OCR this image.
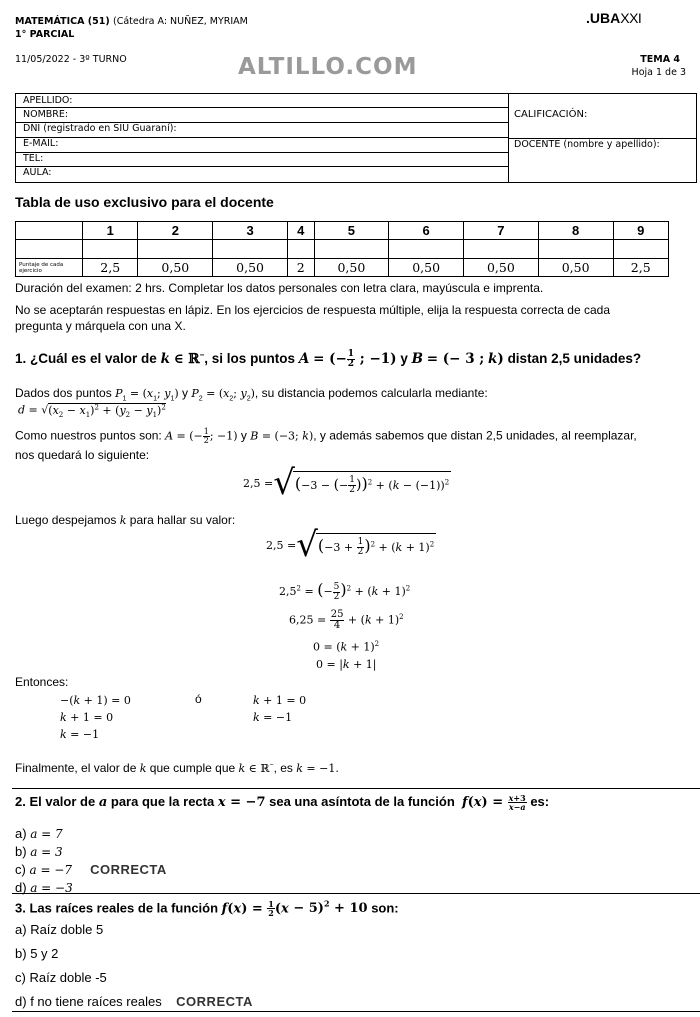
MATEMÁTICA (51) (Cátedra A: NUÑEZ, MYRIAM
1° PARCIAL
11/05/2022 - 3º TURNO	ALTILLO.COM
.UBAXXI
TEMA 4
Hoja 1 de 3
APELLIDO:
NOMBRE:
DNI (registrado en SIU Guaraní):
E-MAIL:
TEL:
AULA:
CALIFICACIÓN:
DOCENTE (nombre y apellido):
Tabla de uso exclusivo para el docente
	1	2	3	4	5	6	7	8	9

Puntaje de cada ejercicio	2,5	0,50	0,50	2	0,50	0,50	0,50	0,50	2,5
Duración del examen: 2 hrs. Completar los datos personales con letra clara, mayúscula e imprenta.
No se aceptarán respuestas en lápiz. En los ejercicios de respuesta múltiple, elija la respuesta correcta de cada pregunta y márquela con una X.
1. ¿Cuál es el valor de k ∈ ℝ−, si los puntos A = (− $\frac{1}{2}$ ; −1) y B = (− 3 ; k) distan 2,5 unidades?
Dados dos puntos $P_1 = (x_1$; $y_1$) y $P_2 = (x_2$; $y_2$), su distancia podemos calcularla mediante:
$d = √(x_2 - x_1)^2 + (y_2 - y_1)^2$
Como nuestros puntos son: A = (− $\frac{1}{2}$ ; −1) y B = (−3; k), y además sabemos que distan 2,5 unidades, al reemplazar,
nos quedará lo siguiente:
2,5 =√(−3 − (− $\frac{1}{2} ))^2 + (k - (-1))^2$
Luego despejamos k para hallar su valor:
$2,5 =√(-3 + \frac{1}{2} )^2 + (k + 1)^2$
$2,5^2$ = (− $\frac{5}{2} )^2 + (k + 1)^2$
$6,25 = \frac{25}{4} + (k + 1)^2$
$0 = (k + 1)^2$
0 = |k + 1|
Entonces:
−(k + 1) = 0
k + 1 = 0
k = −1
ó	k + 1 = 0
k = −1
Finalmente, el valor de k que cumple que k ∈ ℝ−, es k = −1.
2. El valor de a para que la recta x = −7 sea una asíntota de la función $f(x) = \frac{x+3}{x-a}$ es:
a) a = 7
b) a = 3
c) a = −7 CORRECTA
d) a = −3
3. Las raíces reales de la función $f(x) = \frac{1}{2} (x - 5)^2 + 10$ son:
a) Raíz doble 5
b) 5 y 2
c) Raíz doble -5
d) f no tiene raíces reales CORRECTA
